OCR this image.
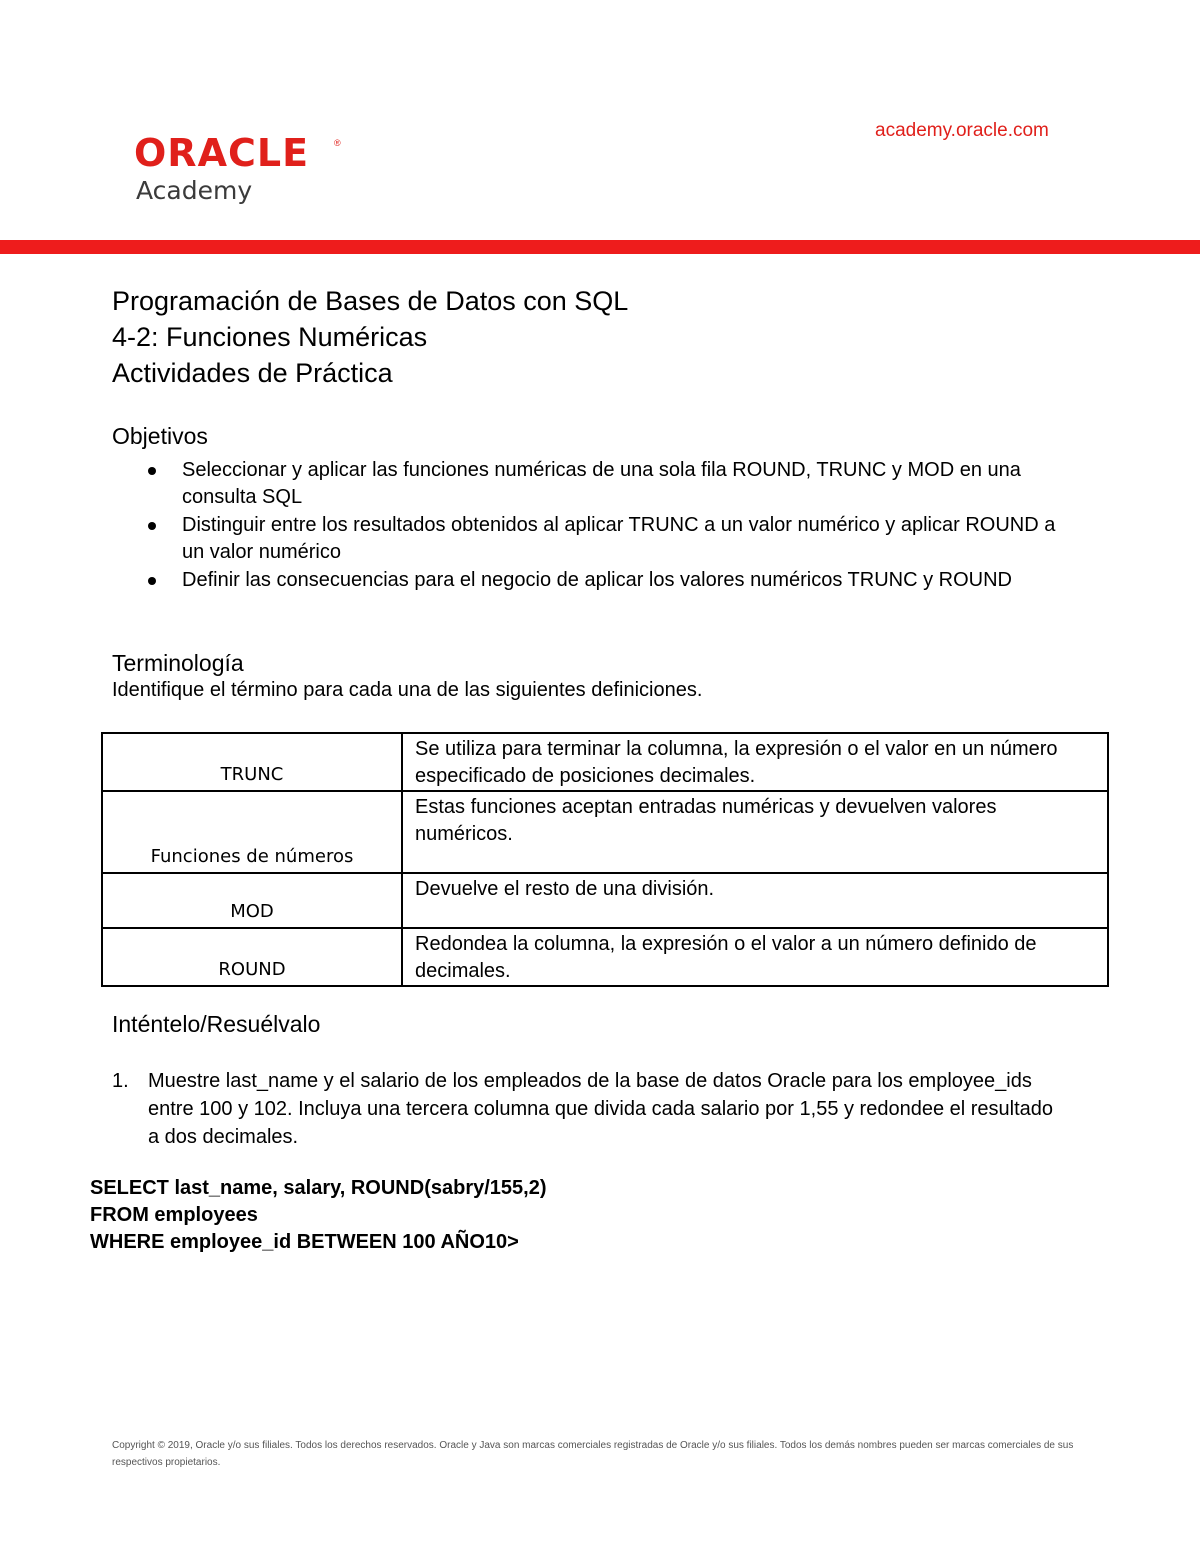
ORACLE	®
Academy
academy.oracle.com
Programación de Bases de Datos con SQL
4-2: Funciones Numéricas
Actividades de Práctica
Objetivos
Seleccionar y aplicar las funciones numéricas de una sola fila ROUND, TRUNC y MOD en una consulta SQL
Distinguir entre los resultados obtenidos al aplicar TRUNC a un valor numérico y aplicar ROUND a un valor numérico
Definir las consecuencias para el negocio de aplicar los valores numéricos TRUNC y ROUND
Terminología
Identifique el término para cada una de las siguientes definiciones.
TRUNC	Se utiliza para terminar la columna, la expresión o el valor en un número especificado de posiciones decimales.
Funciones de números	Estas funciones aceptan entradas numéricas y devuelven valores numéricos.
MOD	Devuelve el resto de una división.
ROUND	Redondea la columna, la expresión o el valor a un número definido de decimales.
Inténtelo/Resuélvalo
1. Muestre last_name y el salario de los empleados de la base de datos Oracle para los employee_ids entre 100 y 102. Incluya una tercera columna que divida cada salario por 1,55 y redondee el resultado a dos decimales.
SELECT last_name, salary, ROUND(sabry/155,2)
FROM employees
WHERE employee_id BETWEEN 100 AÑO10>
Copyright © 2019, Oracle y/o sus filiales. Todos los derechos reservados. Oracle y Java son marcas comerciales registradas de Oracle y/o sus filiales. Todos los demás nombres pueden ser marcas comerciales de sus respectivos propietarios.
